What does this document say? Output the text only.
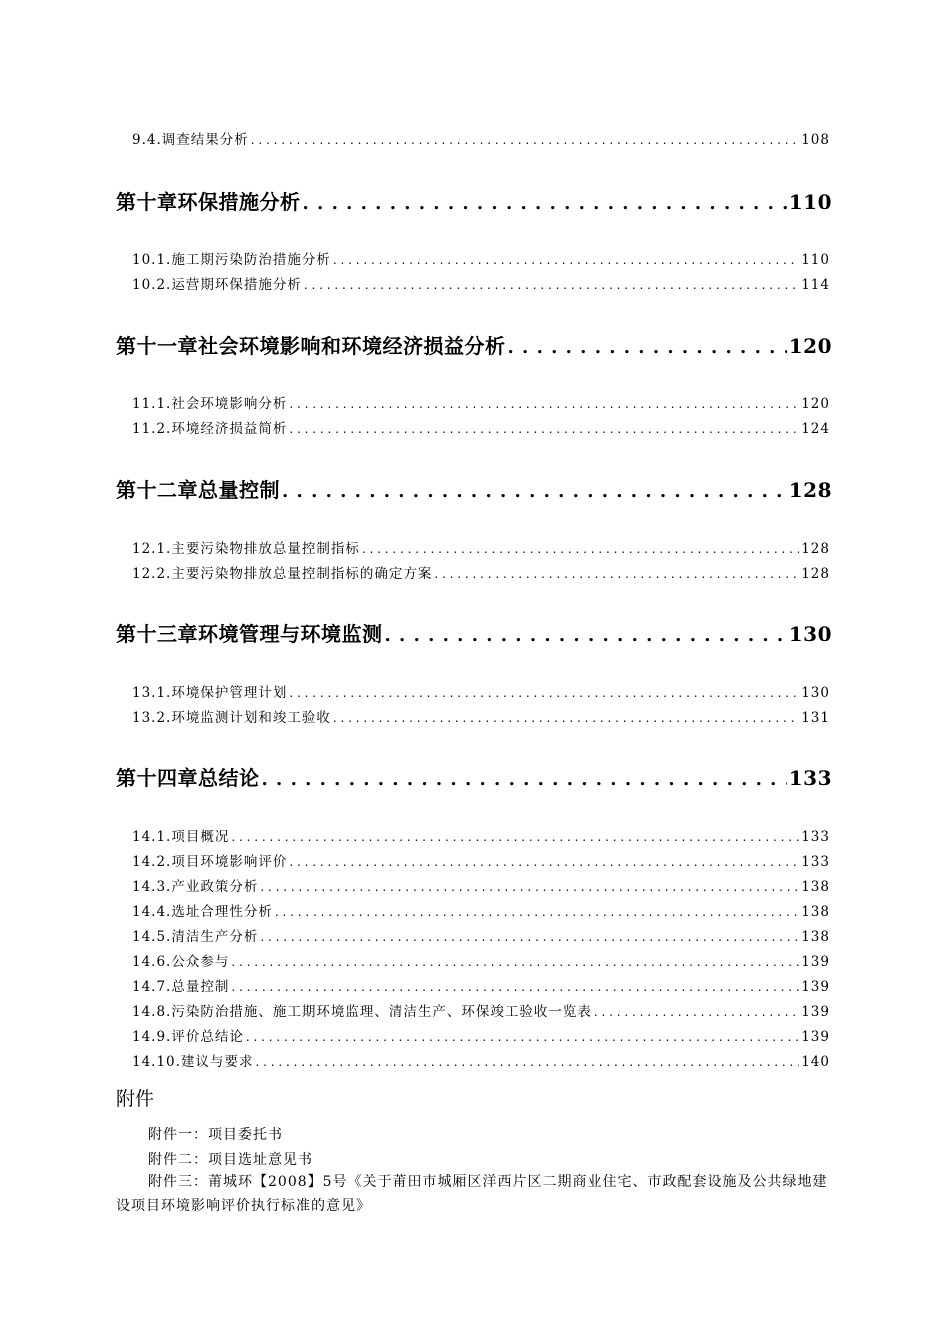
9.4. 调查结果分析 . . .	108
第十章 环保措施分析 . . .	110
10.1. 施工期污染防治措施分析 . . .	110
10.2. 运营期环保措施分析 . . .	114
第十一章 社会环境影响和环境经济损益分析 . . .	120
11.1. 社会环境影响分析 . . .	120
11.2. 环境经济损益简析 . . .	124
第十二章 总量控制 . . .	128
12.1. 主要污染物排放总量控制指标 . . .	128
12.2. 主要污染物排放总量控制指标的确定方案 . . .	128
第十三章 环境管理与环境监测 . . .	130
13.1. 环境保护管理计划 . . .	130
13.2. 环境监测计划和竣工验收 . . .	131
第十四章 总结论 . . .	133
14.1. 项目概况 . . .	133
14.2. 项目环境影响评价 . . .	133
14.3. 产业政策分析 . . .	138
14.4. 选址合理性分析 . . .	138
14.5. 清洁生产分析 . . .	138
14.6. 公众参与 . . .	139
14.7. 总量控制 . . .	139
14.8. 污染防治措施、施工期环境监理、清洁生产、环保竣工验收一览表 . . .	139
14.9. 评价总结论 . . .	139
14.10. 建议与要求 . . .	140
附件
附件一：项目委托书
附件二：项目选址意见书
附件三：莆城环【2008】5号《关于莆田市城厢区洋西片区二期商业住宅、市政配套设施及公共绿地建设项目环境影响评价执行标准的意见》
